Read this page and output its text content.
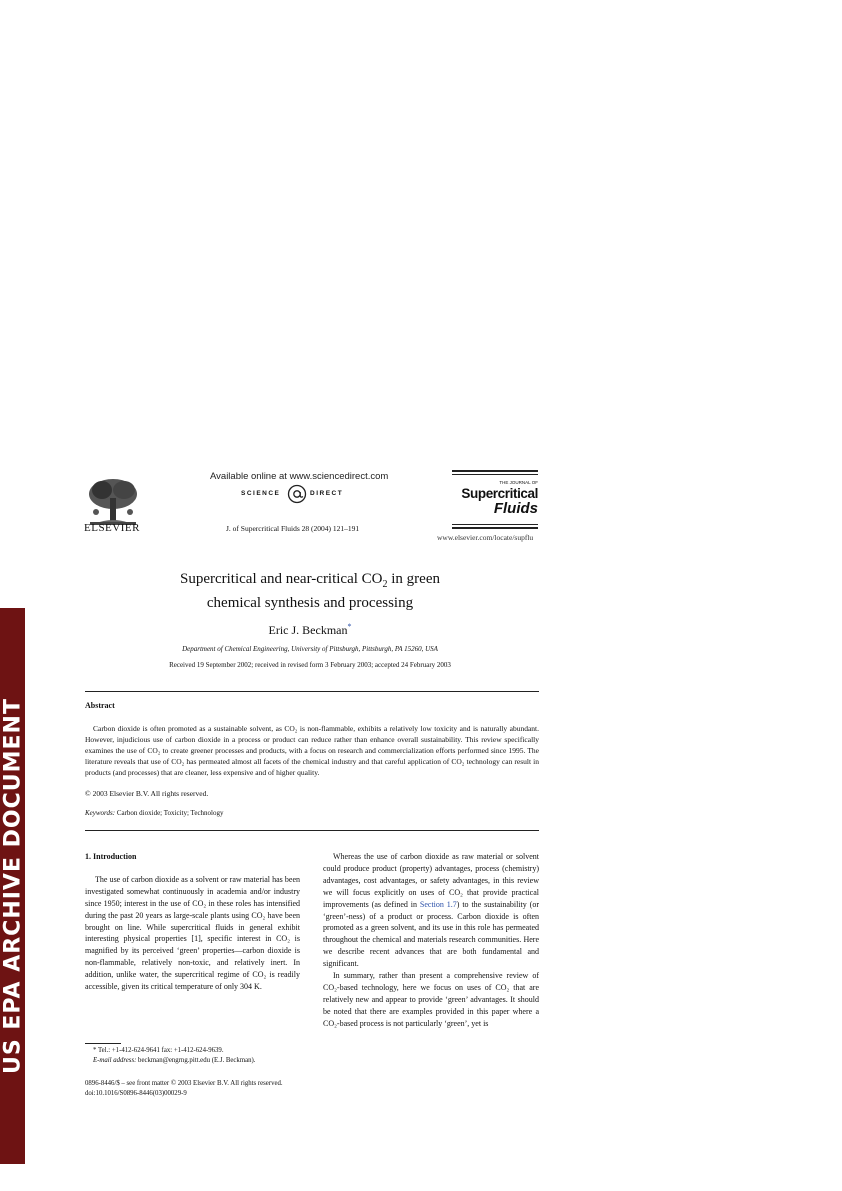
US EPA ARCHIVE DOCUMENT
ELSEVIER
Available online at www.sciencedirect.com
SCIENCE	DIRECT
J. of Supercritical Fluids 28 (2004) 121–191
THE JOURNAL OF
Supercritical
Fluids
www.elsevier.com/locate/supflu
Supercritical and near-critical $CO_2$ in green
chemical synthesis and processing
Eric J. Beckman*
Department of Chemical Engineering, University of Pittsburgh, Pittsburgh, PA 15260, USA
Received 19 September 2002; received in revised form 3 February 2003; accepted 24 February 2003
Abstract

Carbon dioxide is often promoted as a sustainable solvent, as CO₂ is non-flammable, exhibits a relatively low toxicity and is naturally abundant. However, injudicious use of carbon dioxide in a process or product can reduce rather than enhance overall sustainability. This review specifically examines the use of CO₂ to create greener processes and products, with a focus on research and commercialization efforts performed since 1995. The literature reveals that use of CO₂ has permeated almost all facets of the chemical industry and that careful application of CO₂ technology can result in products (and processes) that are cleaner, less expensive and of higher quality.

© 2003 Elsevier B.V. All rights reserved.
Keywords: Carbon dioxide; Toxicity; Technology

1. Introduction

The use of carbon dioxide as a solvent or raw material has been investigated somewhat continuously in academia and/or industry since 1950; interest in the use of CO₂ in these roles has intensified during the past 20 years as large-scale plants using CO₂ have been brought on line. While supercritical fluids in general exhibit interesting physical properties [1], specific interest in CO₂ is magnified by its perceived ‘green’ properties—carbon dioxide is non-flammable, relatively non-toxic, and relatively inert. In addition, unlike water, the supercritical regime of CO₂ is readily accessible, given its critical temperature of only 304 K.

Whereas the use of carbon dioxide as raw material or solvent could produce product (property) advantages, process (chemistry) advantages, cost advantages, or safety advantages, in this review we will focus explicitly on uses of CO₂ that provide practical improvements (as defined in Section 1.7) to the sustainability (or ‘green’-ness) of a product or process. Carbon dioxide is often promoted as a green solvent, and its use in this role has permeated throughout the chemical and materials research communities. Here we describe recent advances that are both fundamental and significant.

In summary, rather than present a comprehensive review of CO₂-based technology, here we focus on uses of CO₂ that are relatively new and appear to provide ‘green’ advantages. It should be noted that there are examples provided in this paper where a CO₂-based process is not particularly ‘green’, yet is

* Tel.: +1-412-624-9641 fax: +1-412-624-9639.
E-mail address: beckman@engrng.pitt.edu (E.J. Beckman).
0896-8446/$ – see front matter © 2003 Elsevier B.V. All rights reserved.
doi:10.1016/S0896-8446(03)00029-9
